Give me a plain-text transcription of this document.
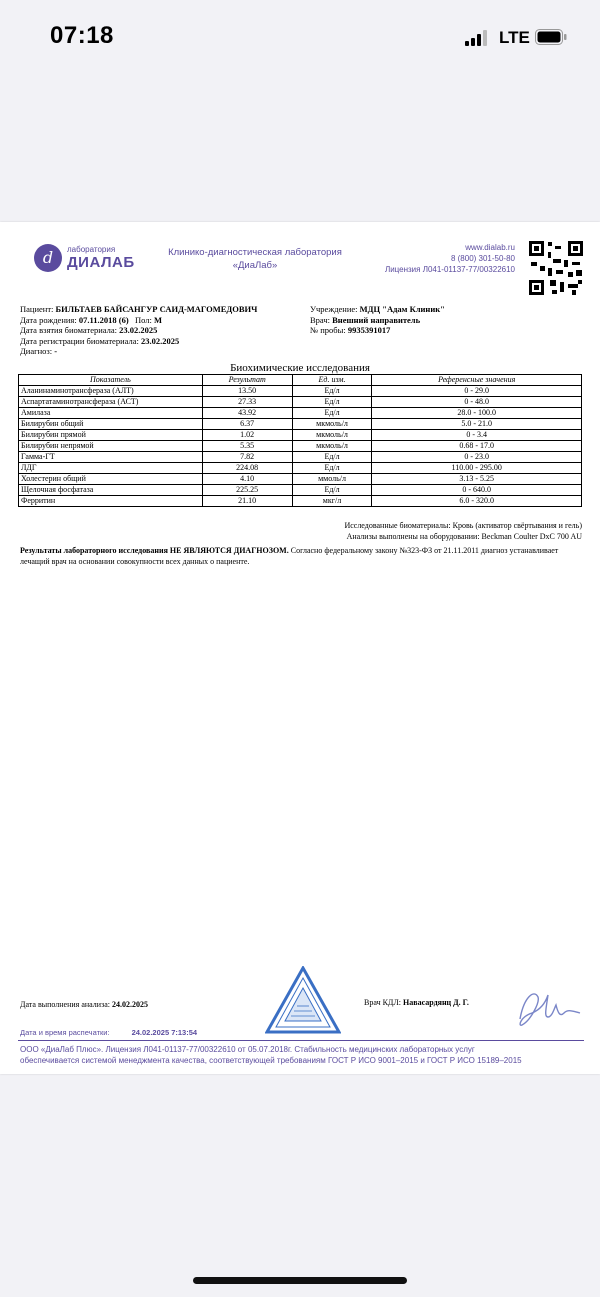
07:18	LTE
d	лаборатория
ДИАЛАБ
Клинико-диагностическая лаборатория
«ДиаЛаб»
www.dialab.ru
8 (800) 301-50-80
Лицензия Л041-01137-77/00322610
Пациент: БИЛЬТАЕВ БАЙСАНГУР САИД-МАГОМЕДОВИЧ
Дата рождения: 07.11.2018 (6) Пол: М
Дата взятия биоматериала: 23.02.2025
Дата регистрации биоматериала: 23.02.2025
Диагноз: -
Учреждение: МДЦ "Адам Клиник"
Врач: Внешний направитель
№ пробы: 9935391017
Биохимические исследования
Показатель	Результат	Ед. изм.	Референсные значения
Аланинаминотрансфераза (АЛТ)	13.50	Ед/л	0 - 29.0
Аспартатаминотрансфераза (АСТ)	27.33	Ед/л	0 - 48.0
Амилаза	43.92	Ед/л	28.0 - 100.0
Билирубин общий	6.37	мкмоль/л	5.0 - 21.0
Билирубин прямой	1.02	мкмоль/л	0 - 3.4
Билирубин непрямой	5.35	мкмоль/л	0.68 - 17.0
Гамма-ГТ	7.82	Ед/л	0 - 23.0
ЛДГ	224.08	Ед/л	110.00 - 295.00
Холестерин общий	4.10	ммоль/л	3.13 - 5.25
Щелочная фосфатаза	225.25	Ед/л	0 - 640.0
Ферритин	21.10	мкг/л	6.0 - 320.0
Исследованные биоматериалы: Кровь (активатор свёртывания и гель)
Анализы выполнены на оборудовании: Beckman Coulter DxC 700 AU
Результаты лабораторного исследования НЕ ЯВЛЯЮТСЯ ДИАГНОЗОМ. Согласно федеральному закону №323-ФЗ от 21.11.2011 диагноз устанавливает лечащий врач на основании совокупности всех данных о пациенте.
Дата выполнения анализа: 24.02.2025	Врач КДЛ: Навасардянц Д. Г.
Дата и время распечатки:	24.02.2025 7:13:54
ООО «ДиаЛаб Плюс». Лицензия Л041-01137-77/00322610 от 05.07.2018г. Стабильность медицинских лабораторных услуг
обеспечивается системой менеджмента качества, соответствующей требованиям ГОСТ Р ИСО 9001–2015 и ГОСТ Р ИСО 15189–2015
